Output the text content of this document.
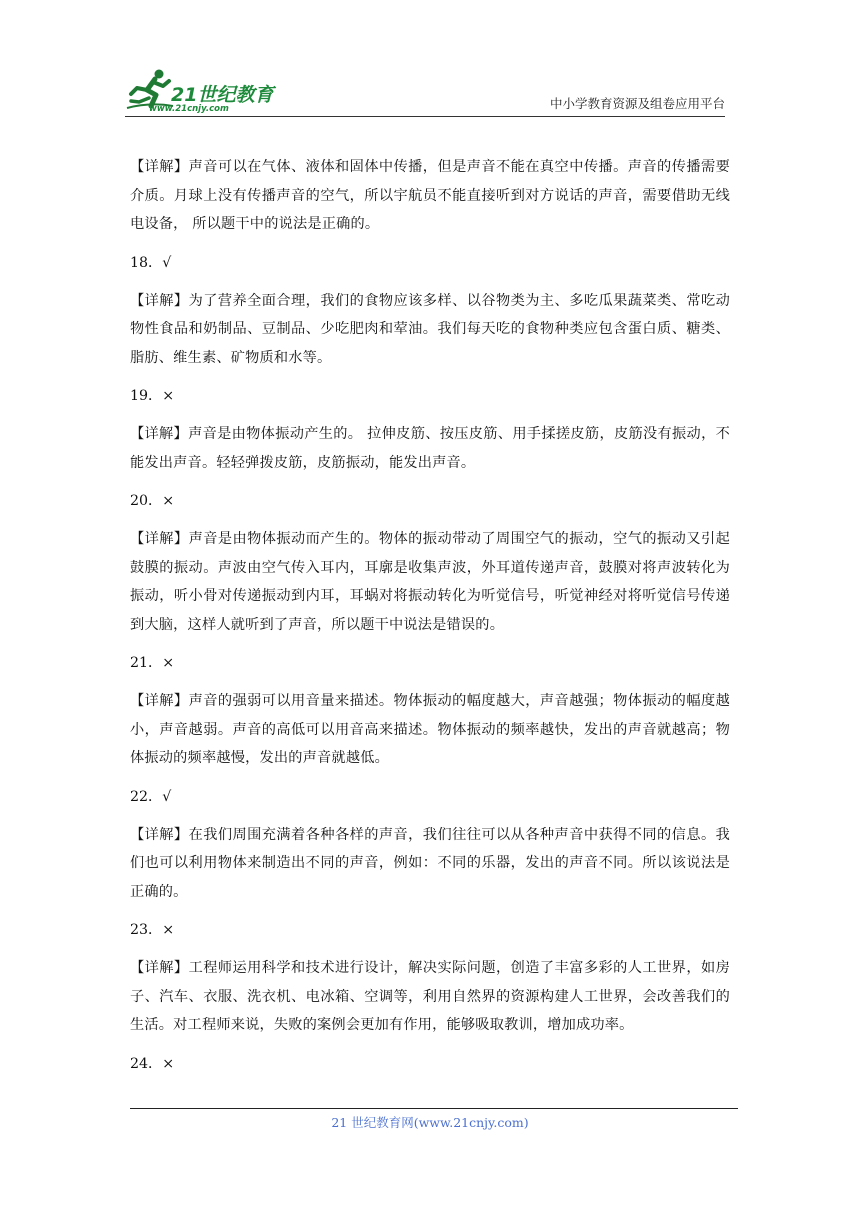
21世纪教育
www.21cnjy.com	中小学教育资源及组卷应用平台

【详解】声音可以在气体、液体和固体中传播，但是声音不能在真空中传播。声音的传播需要介质。月球上没有传播声音的空气，所以宇航员不能直接听到对方说话的声音，需要借助无线电设备， 所以题干中的说法是正确的。

18．√

【详解】为了营养全面合理，我们的食物应该多样、以谷物类为主、多吃瓜果蔬菜类、常吃动物性食品和奶制品、豆制品、少吃肥肉和荤油。我们每天吃的食物种类应包含蛋白质、糖类、脂肪、维生素、矿物质和水等。

19．×

【详解】声音是由物体振动产生的。 拉伸皮筋、按压皮筋、用手揉搓皮筋，皮筋没有振动，不能发出声音。轻轻弹拨皮筋，皮筋振动，能发出声音。

20．×

【详解】声音是由物体振动而产生的。物体的振动带动了周围空气的振动，空气的振动又引起鼓膜的振动。声波由空气传入耳内，耳廓是收集声波，外耳道传递声音，鼓膜对将声波转化为振动，听小骨对传递振动到内耳，耳蜗对将振动转化为听觉信号，听觉神经对将听觉信号传递到大脑，这样人就听到了声音，所以题干中说法是错误的。

21．×

【详解】声音的强弱可以用音量来描述。物体振动的幅度越大，声音越强；物体振动的幅度越小，声音越弱。声音的高低可以用音高来描述。物体振动的频率越快，发出的声音就越高；物体振动的频率越慢，发出的声音就越低。

22．√

【详解】在我们周围充满着各种各样的声音，我们往往可以从各种声音中获得不同的信息。我们也可以利用物体来制造出不同的声音，例如：不同的乐器，发出的声音不同。所以该说法是正确的。

23．×

【详解】工程师运用科学和技术进行设计，解决实际问题，创造了丰富多彩的人工世界，如房子、汽车、衣服、洗衣机、电冰箱、空调等，利用自然界的资源构建人工世界，会改善我们的生活。对工程师来说，失败的案例会更加有作用，能够吸取教训，增加成功率。

24．×
21 世纪教育网(www.21cnjy.com)
